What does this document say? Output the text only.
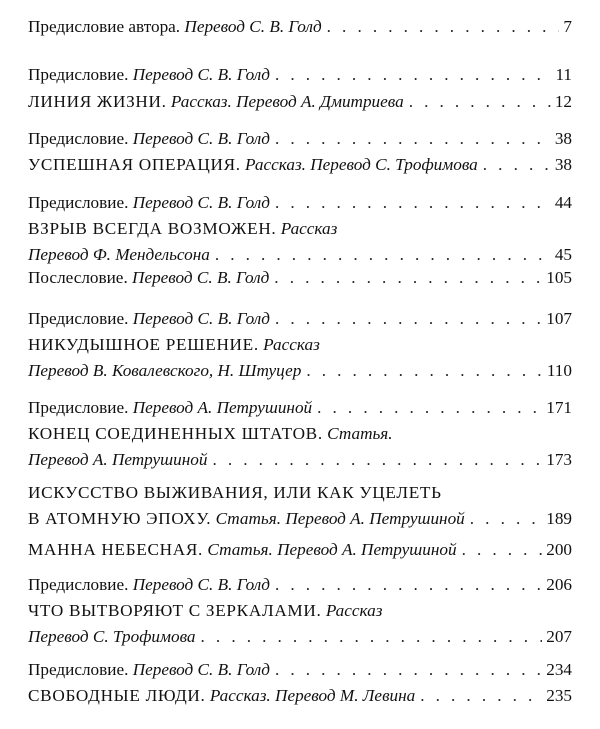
Предисловие автора. Перевод С. В. Голд . . .	7
Предисловие. Перевод С. В. Голд . . .	11
ЛИНИЯ ЖИЗНИ. Рассказ. Перевод А. Дмитриева . . .	12
Предисловие. Перевод С. В. Голд . . .	38
УСПЕШНАЯ ОПЕРАЦИЯ. Рассказ. Перевод С. Трофимова . . .	38
Предисловие. Перевод С. В. Голд . . .	44
ВЗРЫВ ВСЕГДА ВОЗМОЖЕН. Рассказ
Перевод Ф. Мендельсона . . .	45
Послесловие. Перевод С. В. Голд . . .	105
Предисловие. Перевод С. В. Голд . . .	107
НИКУДЫШНОЕ РЕШЕНИЕ. Рассказ
Перевод В. Ковалевского, Н. Штуцер . . .	110
Предисловие. Перевод А. Петрушиной . . .	171
КОНЕЦ СОЕДИНЕННЫХ ШТАТОВ. Статья.
Перевод А. Петрушиной . . .	173
ИСКУССТВО ВЫЖИВАНИЯ, ИЛИ КАК УЦЕЛЕТЬ
В АТОМНУЮ ЭПОХУ. Статья. Перевод А. Петрушиной . . .	189
МАННА НЕБЕСНАЯ. Статья. Перевод А. Петрушиной . . .	200
Предисловие. Перевод С. В. Голд . . .	206
ЧТО ВЫТВОРЯЮТ С ЗЕРКАЛАМИ. Рассказ
Перевод С. Трофимова . . .	207
Предисловие. Перевод С. В. Голд . . .	234
СВОБОДНЫЕ ЛЮДИ. Рассказ. Перевод М. Левина . . .	235
